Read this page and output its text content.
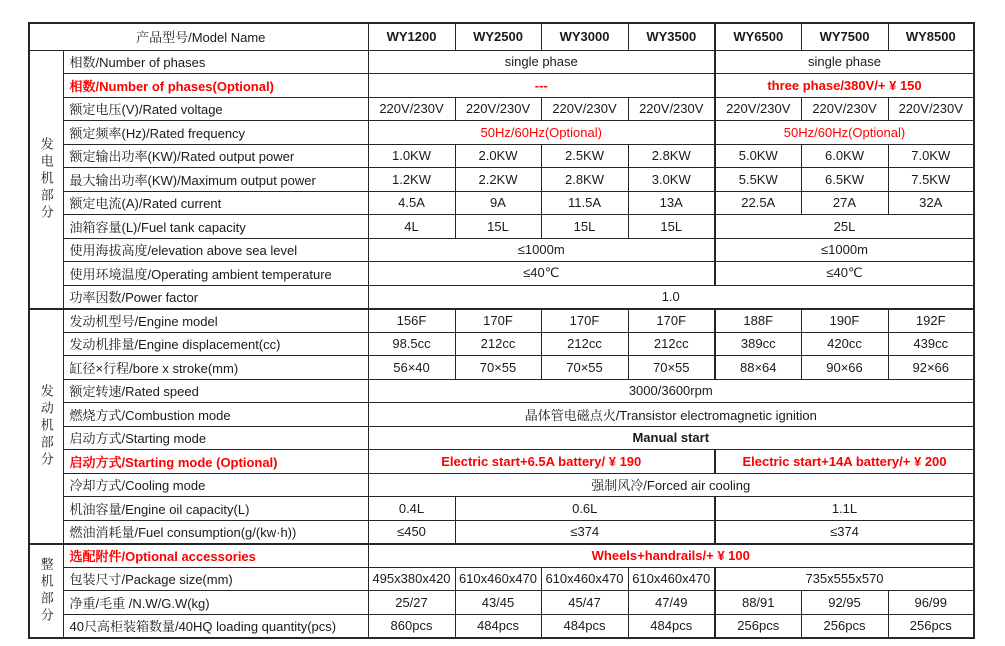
产品型号/Model Name		WY1200	WY2500	WY3000	WY3500	WY6500	WY7500	WY8500
发电机部分	相数/Number of phases	single phase				single phase		
	相数/Number of phases(Optional)	---				three phase/380V/+ ¥ 150		
	额定电压(V)/Rated voltage	220V/230V	220V/230V	220V/230V	220V/230V	220V/230V	220V/230V	220V/230V
	额定频率(Hz)/Rated frequency	50Hz/60Hz(Optional)				50Hz/60Hz(Optional)		
	额定输出功率(KW)/Rated output power	1.0KW	2.0KW	2.5KW	2.8KW	5.0KW	6.0KW	7.0KW
	最大输出功率(KW)/Maximum output power	1.2KW	2.2KW	2.8KW	3.0KW	5.5KW	6.5KW	7.5KW
	额定电流(A)/Rated current	4.5A	9A	11.5A	13A	22.5A	27A	32A
	油箱容量(L)/Fuel tank capacity	4L	15L	15L	15L	25L		
	使用海拔高度/elevation above sea level	≤1000m				≤1000m		
	使用环境温度/Operating ambient temperature	≤40℃				≤40℃		
	功率因数/Power factor	1.0						
发动机部分	发动机型号/Engine model	156F	170F	170F	170F	188F	190F	192F
	发动机排量/Engine displacement(cc)	98.5cc	212cc	212cc	212cc	389cc	420cc	439cc
	缸径×行程/bore x stroke(mm)	56×40	70×55	70×55	70×55	88×64	90×66	92×66
	额定转速/Rated speed	3000/3600rpm						
	燃烧方式/Combustion mode	晶体管电磁点火/Transistor electromagnetic ignition						
	启动方式/Starting mode	Manual start						
	启动方式/Starting mode (Optional)	Electric start+6.5A battery/ ¥ 190				Electric start+14A battery/+ ¥ 200		
	冷却方式/Cooling mode	强制风冷/Forced air cooling						
	机油容量/Engine oil capacity(L)	0.4L	0.6L			1.1L		
	燃油消耗量/Fuel consumption(g/(kw·h))	≤450	≤374			≤374		
整机部分	选配附件/Optional accessories	Wheels+handrails/+ ¥ 100						
	包装尺寸/Package size(mm)	495x380x420	610x460x470	610x460x470	610x460x470	735x555x570		
	净重/毛重 /N.W/G.W(kg)	25/27	43/45	45/47	47/49	88/91	92/95	96/99
	40尺高柜装箱数量/40HQ loading quantity(pcs)	860pcs	484pcs	484pcs	484pcs	256pcs	256pcs	256pcs
